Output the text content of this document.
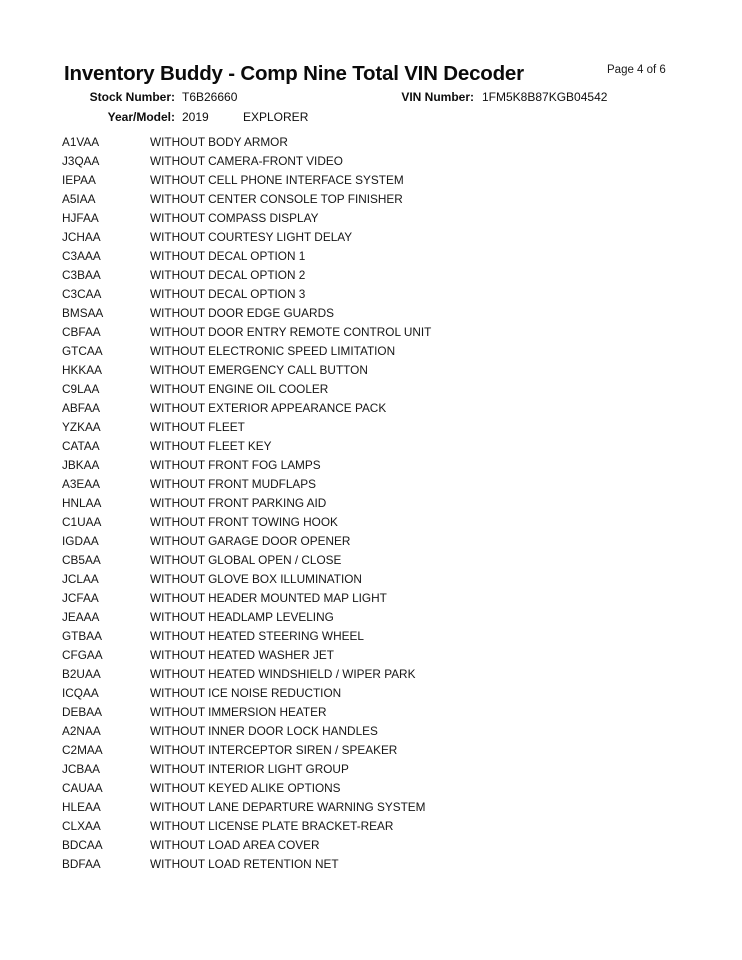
Inventory Buddy - Comp Nine Total VIN Decoder	Page 4 of 6
Stock Number: T6B26660	VIN Number: 1FM5K8B87KGB04542
Year/Model: 2019	EXPLORER
A1VAA	WITHOUT BODY ARMOR
J3QAA	WITHOUT CAMERA-FRONT VIDEO
IEPAA	WITHOUT CELL PHONE INTERFACE SYSTEM
A5IAA	WITHOUT CENTER CONSOLE TOP FINISHER
HJFAA	WITHOUT COMPASS DISPLAY
JCHAA	WITHOUT COURTESY LIGHT DELAY
C3AAA	WITHOUT DECAL OPTION 1
C3BAA	WITHOUT DECAL OPTION 2
C3CAA	WITHOUT DECAL OPTION 3
BMSAA	WITHOUT DOOR EDGE GUARDS
CBFAA	WITHOUT DOOR ENTRY REMOTE CONTROL UNIT
GTCAA	WITHOUT ELECTRONIC SPEED LIMITATION
HKKAA	WITHOUT EMERGENCY CALL BUTTON
C9LAA	WITHOUT ENGINE OIL COOLER
ABFAA	WITHOUT EXTERIOR APPEARANCE PACK
YZKAA	WITHOUT FLEET
CATAA	WITHOUT FLEET KEY
JBKAA	WITHOUT FRONT FOG LAMPS
A3EAA	WITHOUT FRONT MUDFLAPS
HNLAA	WITHOUT FRONT PARKING AID
C1UAA	WITHOUT FRONT TOWING HOOK
IGDAA	WITHOUT GARAGE DOOR OPENER
CB5AA	WITHOUT GLOBAL OPEN / CLOSE
JCLAA	WITHOUT GLOVE BOX ILLUMINATION
JCFAA	WITHOUT HEADER MOUNTED MAP LIGHT
JEAAA	WITHOUT HEADLAMP LEVELING
GTBAA	WITHOUT HEATED STEERING WHEEL
CFGAA	WITHOUT HEATED WASHER JET
B2UAA	WITHOUT HEATED WINDSHIELD / WIPER PARK
ICQAA	WITHOUT ICE NOISE REDUCTION
DEBAA	WITHOUT IMMERSION HEATER
A2NAA	WITHOUT INNER DOOR LOCK HANDLES
C2MAA	WITHOUT INTERCEPTOR SIREN / SPEAKER
JCBAA	WITHOUT INTERIOR LIGHT GROUP
CAUAA	WITHOUT KEYED ALIKE OPTIONS
HLEAA	WITHOUT LANE DEPARTURE WARNING SYSTEM
CLXAA	WITHOUT LICENSE PLATE BRACKET-REAR
BDCAA	WITHOUT LOAD AREA COVER
BDFAA	WITHOUT LOAD RETENTION NET
